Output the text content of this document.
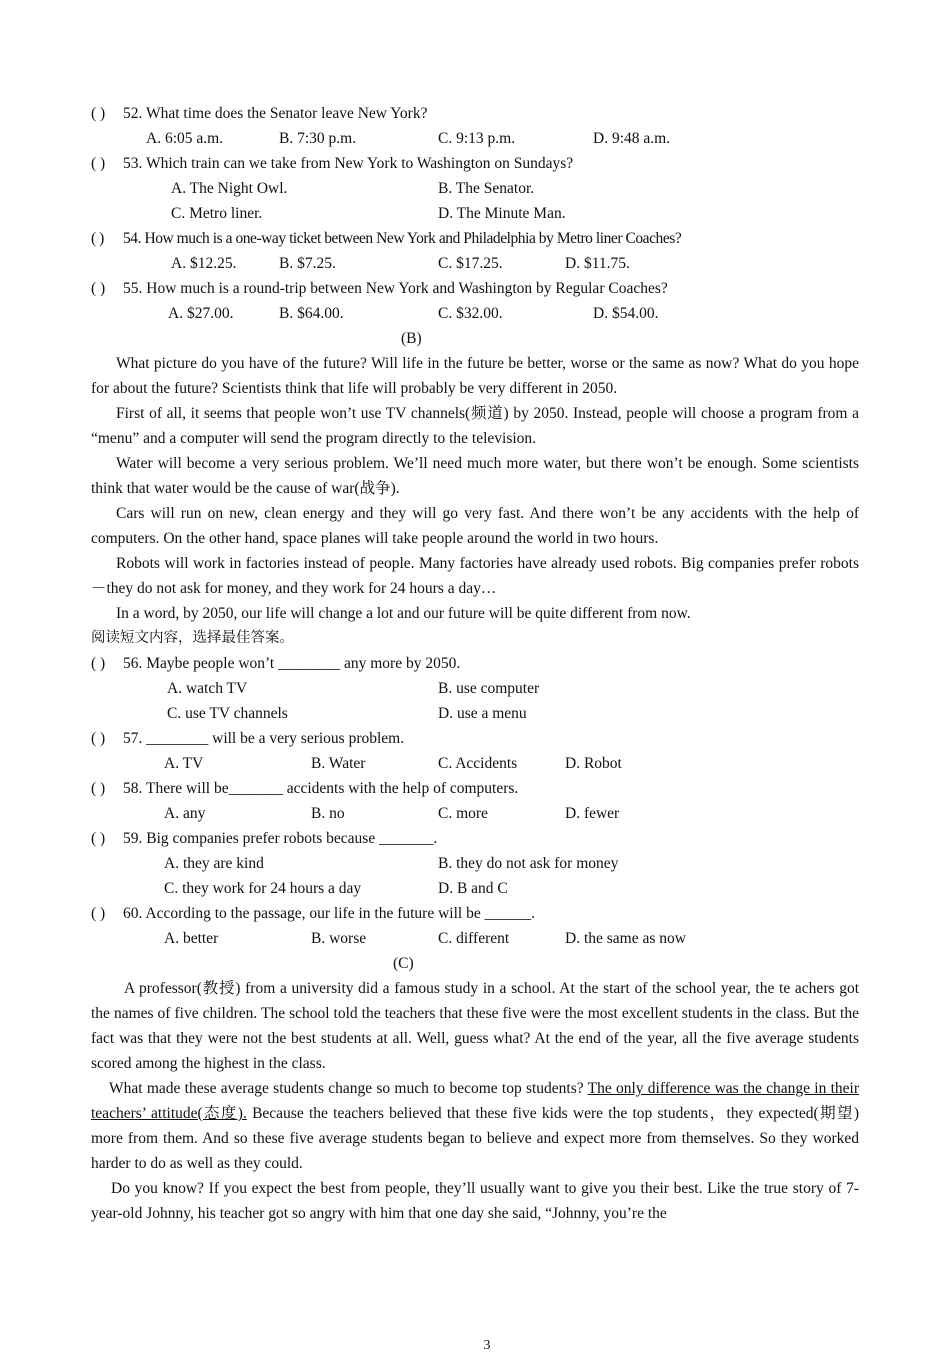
( ) 52. What time does the Senator leave New York?
A. 6:05 a.m.	B. 7:30 p.m.	C. 9:13 p.m.	D. 9:48 a.m.
( ) 53. Which train can we take from New York to Washington on Sundays?
A. The Night Owl.	B. The Senator.
C. Metro liner.	D. The Minute Man.
( ) 54. How much is a one-way ticket between New York and Philadelphia by Metro liner Coaches?
A. $12.25.	B. $7.25.	C. $17.25.	D. $11.75.
( ) 55. How much is a round-trip between New York and Washington by Regular Coaches?
A. $27.00.	B. $64.00.	C. $32.00.	D. $54.00.
(B)
What picture do you have of the future? Will life in the future be better, worse or the same as now? What do you hope for about the future? Scientists think that life will probably be very different in 2050.
First of all, it seems that people won’t use TV channels(频道) by 2050. Instead, people will choose a program from a “menu” and a computer will send the program directly to the television.
Water will become a very serious problem. We’ll need much more water, but there won’t be enough. Some scientists think that water would be the cause of war(战争).
Cars will run on new, clean energy and they will go very fast. And there won’t be any accidents with the help of computers. On the other hand, space planes will take people around the world in two hours.
Robots will work in factories instead of people. Many factories have already used robots. Big companies prefer robots－they do not ask for money, and they work for 24 hours a day…
In a word, by 2050, our life will change a lot and our future will be quite different from now.
阅读短文内容，选择最佳答案。
( ) 56. Maybe people won’t ________ any more by 2050.
A. watch TV	B. use computer
C. use TV channels	D. use a menu
( ) 57. ________ will be a very serious problem.
A. TV	B. Water	C. Accidents	D. Robot
( ) 58. There will be_______ accidents with the help of computers.
A. any	B. no	C. more	D. fewer
( ) 59. Big companies prefer robots because _______.
A. they are kind	B. they do not ask for money
C. they work for 24 hours a day	D. B and C
( ) 60. According to the passage, our life in the future will be ______.
A. better	B. worse	C. different	D. the same as now
(C)
A professor(教授) from a university did a famous study in a school. At the start of the school year, the te achers got the names of five children. The school told the teachers that these five were the most excellent students in the class. But the fact was that they were not the best students at all. Well, guess what? At the end of the year, all the five average students scored among the highest in the class.
What made these average students change so much to become top students? The only difference was the change in their teachers’ attitude(态度). Because the teachers believed that these five kids were the top students，they expected(期望) more from them. And so these five average students began to believe and expect more from themselves. So they worked harder to do as well as they could.
Do you know? If you expect the best from people, they’ll usually want to give you their best. Like the true story of 7-year-old Johnny, his teacher got so angry with him that one day she said, “Johnny, you’re the
3
